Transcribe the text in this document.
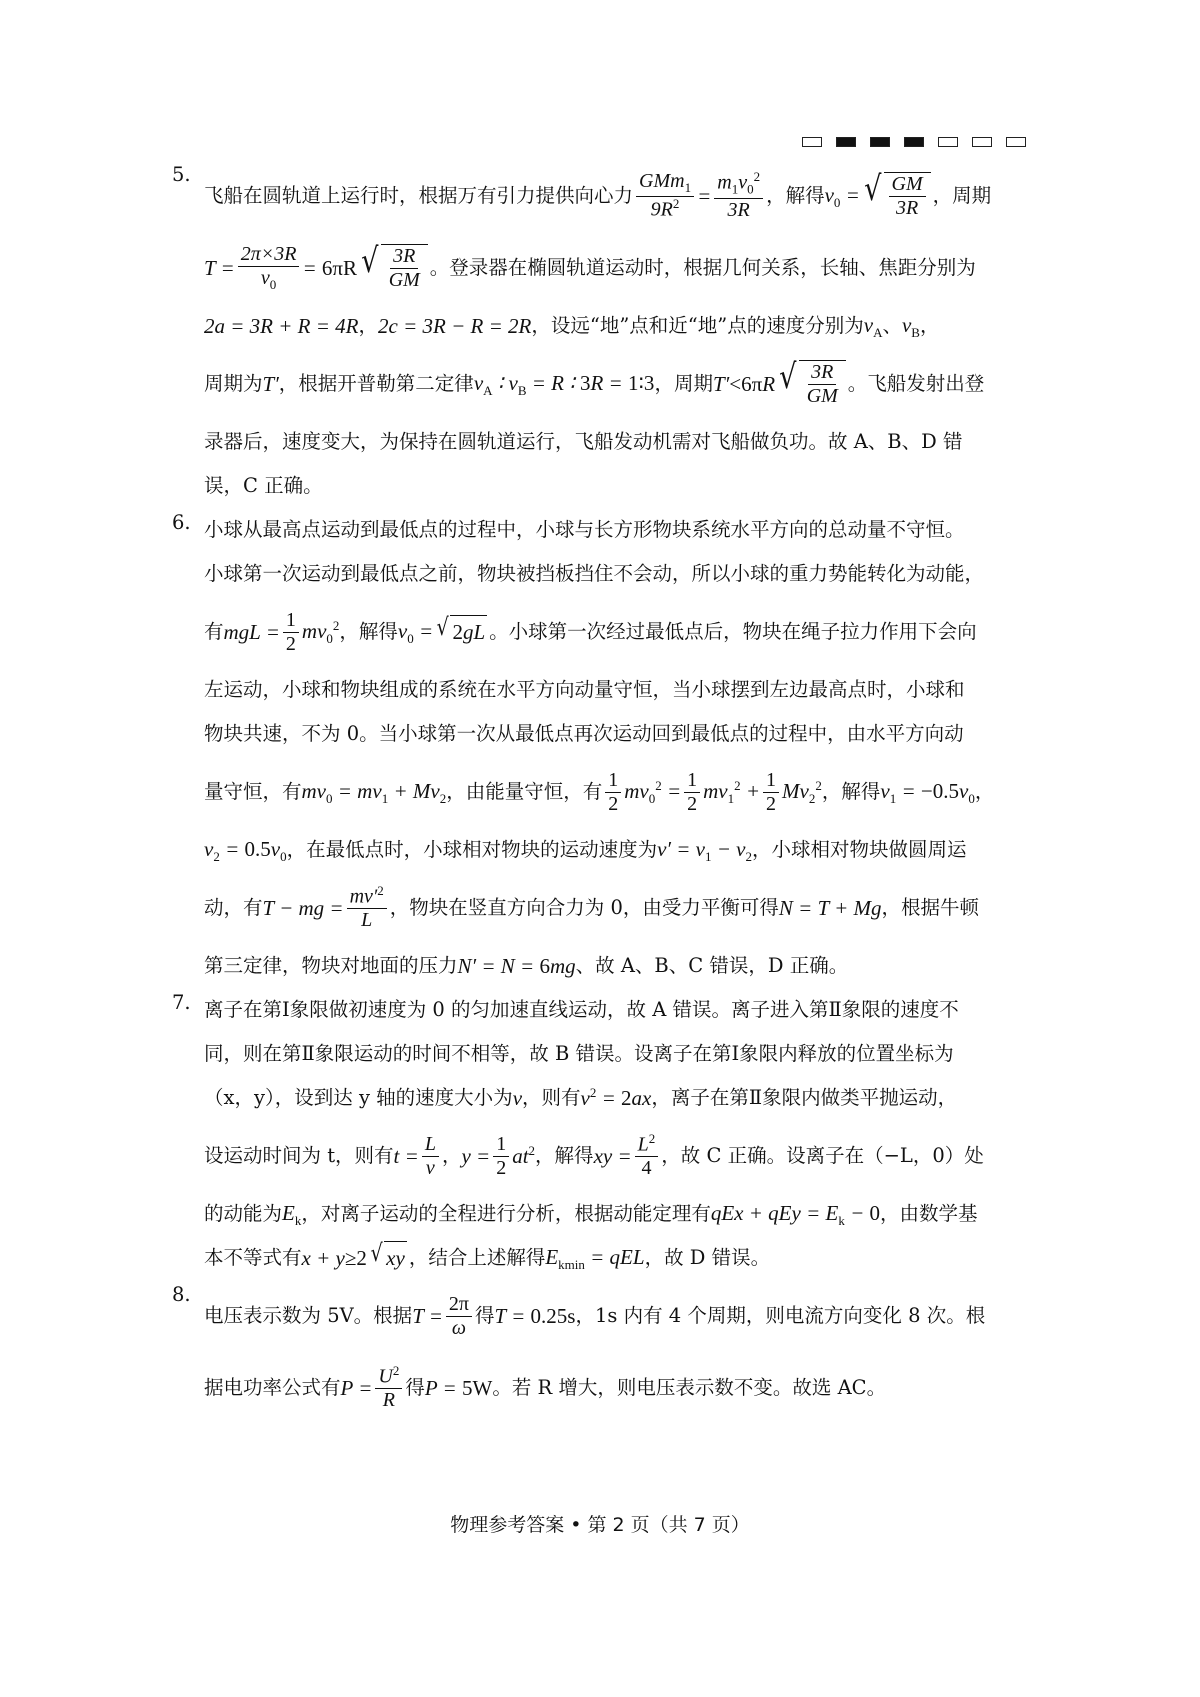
5.
飞船在圆轨道上运行时，根据万有引力提供向心力 $\frac{GMm_1}{9R^2} = \frac{m_1v_0^2}{3R}$ ，解得 $v_0$ = √ $\frac{GM}{3R}$ ，周期
$T = \frac{2\pi\times 3R}{v_0} = 6\pi R$ √ $\frac{3R}{GM}$ 。登录器在椭圆轨道运动时，根据几何关系，长轴、焦距分别为
2a = 3R + R = 4R ， 2c = 3R − R = 2R ，设远“地”点和近“地”点的速度分别为 $v_A$ 、 $v_B$ ，
周期为 T′ ，根据开普勒第二定律 $v_A$ ∶ $v_B = R$ ∶ 3R = 1∶3 ，周期 T′<6πR √ $\frac{3R}{GM}$ 。飞船发射出登
录器后，速度变大，为保持在圆轨道运行，飞船发动机需对飞船做负功。故 A、B、D 错
误，C 正确。
6. 小球从最高点运动到最低点的过程中，小球与长方形物块系统水平方向的总动量不守恒。
小球第一次运动到最低点之前，物块被挡板挡住不会动，所以小球的重力势能转化为动能，
有 mgL = $\frac{1}{2} mv_0^2$ ，解得 $v_0$ = √ 2gL 。小球第一次经过最低点后，物块在绳子拉力作用下会向
左运动，小球和物块组成的系统在水平方向动量守恒，当小球摆到左边最高点时，小球和
物块共速，不为 0。当小球第一次从最低点再次运动回到最低点的过程中，由水平方向动
量守恒，有 $mv_0 = mv_1 + Mv_2$ ，由能量守恒，有 $\frac{1}{2} mv_0^2 = \frac{1}{2} mv_1^2 + \frac{1}{2} Mv_2^2$ ，解得 $v_1 = -0.5v_0$ ，
$v_2 = 0.5v_0$ ，在最低点时，小球相对物块的运动速度为 $v' = v_1 - v_2$ ，小球相对物块做圆周运
动，有 T − mg = $\frac{mv'^2}{L}$ ，物块在竖直方向合力为 0，由受力平衡可得 N = T + Mg ，根据牛顿
第三定律，物块对地面的压力 N′ = N = 6mg 、故 A、B、C 错误，D 正确。
7. 离子在第Ⅰ象限做初速度为 0 的匀加速直线运动，故 A 错误。离子进入第Ⅱ象限的速度不
同，则在第Ⅱ象限运动的时间不相等，故 B 错误。设离子在第Ⅰ象限内释放的位置坐标为
（x，y），设到达 y 轴的速度大小为 v ，则有 $v^2 = 2ax$ ，离子在第Ⅱ象限内做类平抛运动，
设运动时间为 t，则有 $t = \frac{L}{v}$ ， $y = \frac{1}{2} at^2$ ，解得 xy = $\frac{L^2}{4}$ ，故 C 正确。设离子在（−L，0）处
的动能为 $E_k$ ，对离子运动的全程进行分析，根据动能定理有 qEx + qEy = $E_k - 0$ ，由数学基
本不等式有 x + y≥2 √ xy ，结合上述解得 $E_{kmin}$ = qEL ，故 D 错误。
8.
电压表示数为 5V。根据 $T = \frac{2\pi}{\omega}$ 得 T = 0.25s ，1s 内有 4 个周期，则电流方向变化 8 次。根
据电功率公式有 $P = \frac{U^2}{R}$ 得 P = 5W 。若 R 增大，则电压表示数不变。故选 AC。
物理参考答案 • 第 2 页（共 7 页）
